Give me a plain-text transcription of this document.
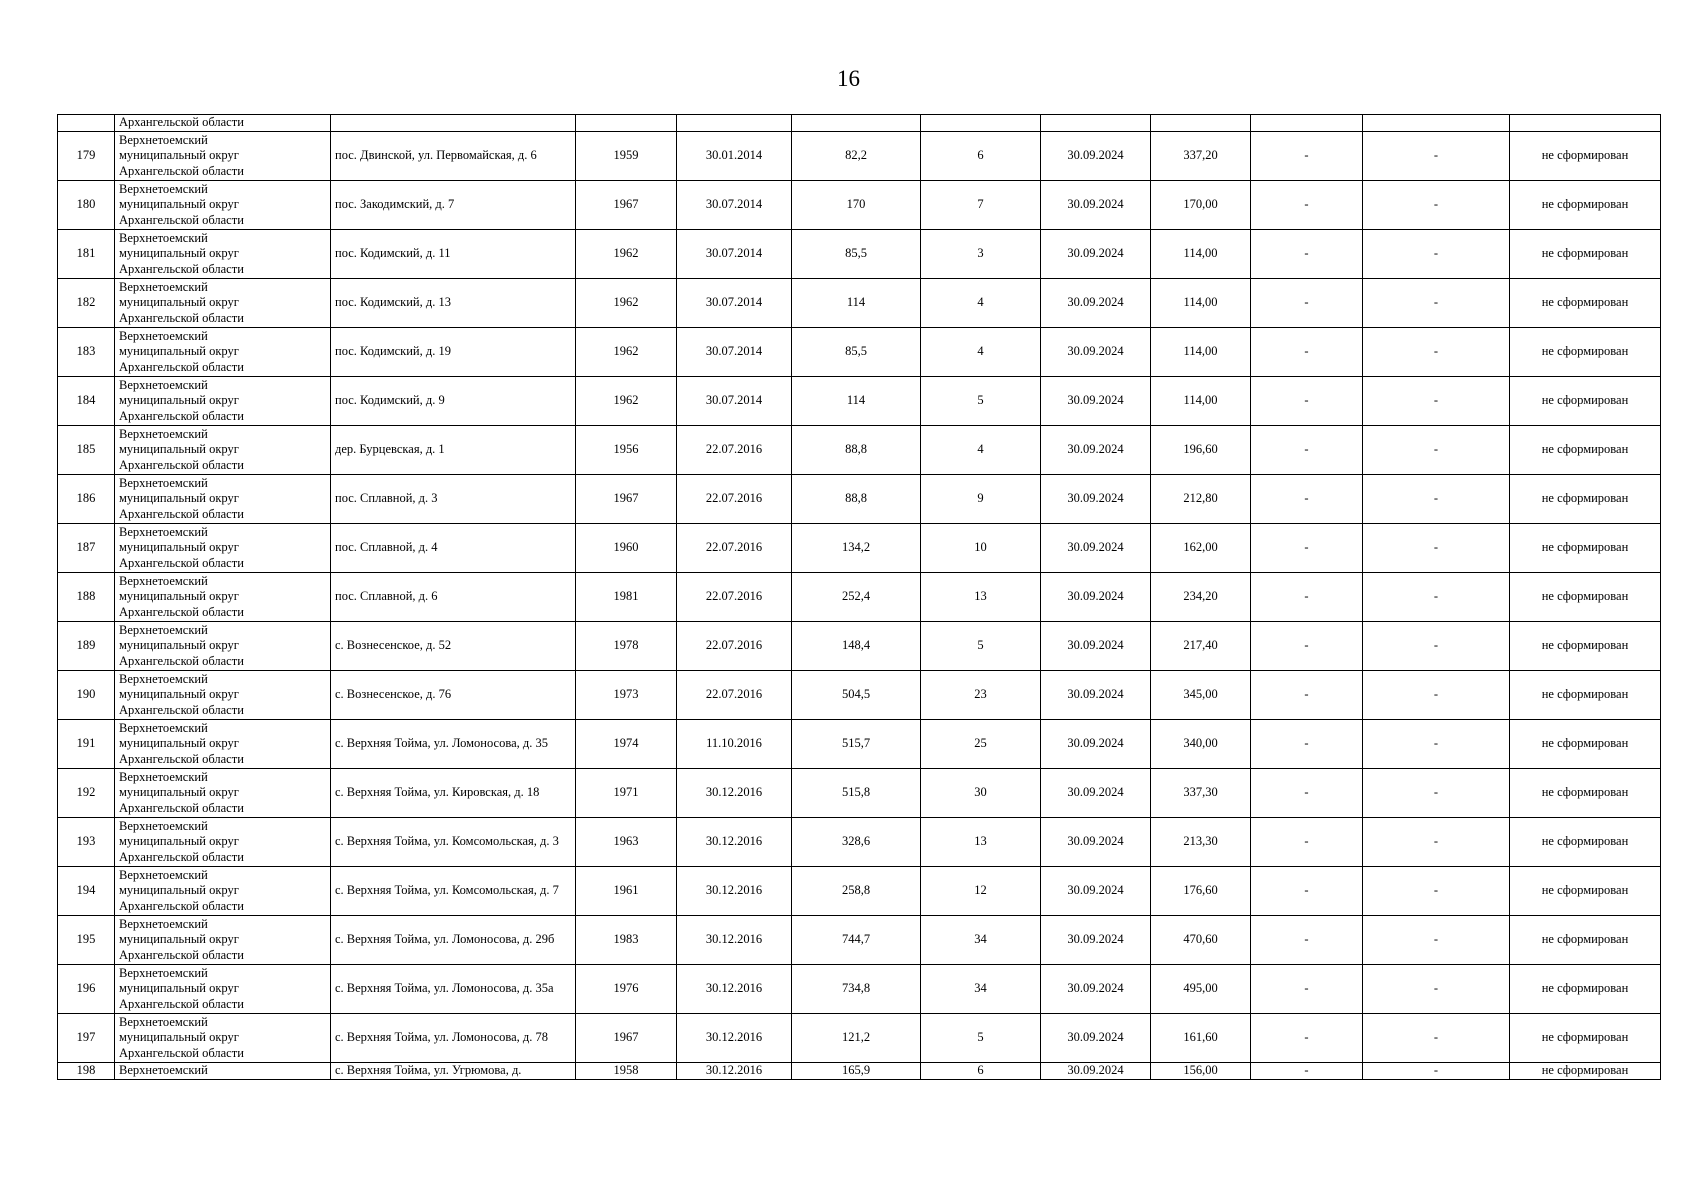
16
	Архангельской области										
179	Верхнетоемский
муниципальный округ
Архангельской области	пос. Двинской, ул. Первомайская, д. 6	1959	30.01.2014	82,2	6	30.09.2024	337,20	-	-	не сформирован
180	Верхнетоемский
муниципальный округ
Архангельской области	пос. Закодимский, д. 7	1967	30.07.2014	170	7	30.09.2024	170,00	-	-	не сформирован
181	Верхнетоемский
муниципальный округ
Архангельской области	пос. Кодимский, д. 11	1962	30.07.2014	85,5	3	30.09.2024	114,00	-	-	не сформирован
182	Верхнетоемский
муниципальный округ
Архангельской области	пос. Кодимский, д. 13	1962	30.07.2014	114	4	30.09.2024	114,00	-	-	не сформирован
183	Верхнетоемский
муниципальный округ
Архангельской области	пос. Кодимский, д. 19	1962	30.07.2014	85,5	4	30.09.2024	114,00	-	-	не сформирован
184	Верхнетоемский
муниципальный округ
Архангельской области	пос. Кодимский, д. 9	1962	30.07.2014	114	5	30.09.2024	114,00	-	-	не сформирован
185	Верхнетоемский
муниципальный округ
Архангельской области	дер. Бурцевская, д. 1	1956	22.07.2016	88,8	4	30.09.2024	196,60	-	-	не сформирован
186	Верхнетоемский
муниципальный округ
Архангельской области	пос. Сплавной, д. 3	1967	22.07.2016	88,8	9	30.09.2024	212,80	-	-	не сформирован
187	Верхнетоемский
муниципальный округ
Архангельской области	пос. Сплавной, д. 4	1960	22.07.2016	134,2	10	30.09.2024	162,00	-	-	не сформирован
188	Верхнетоемский
муниципальный округ
Архангельской области	пос. Сплавной, д. 6	1981	22.07.2016	252,4	13	30.09.2024	234,20	-	-	не сформирован
189	Верхнетоемский
муниципальный округ
Архангельской области	с. Вознесенское, д. 52	1978	22.07.2016	148,4	5	30.09.2024	217,40	-	-	не сформирован
190	Верхнетоемский
муниципальный округ
Архангельской области	с. Вознесенское, д. 76	1973	22.07.2016	504,5	23	30.09.2024	345,00	-	-	не сформирован
191	Верхнетоемский
муниципальный округ
Архангельской области	с. Верхняя Тойма, ул. Ломоносова, д. 35	1974	11.10.2016	515,7	25	30.09.2024	340,00	-	-	не сформирован
192	Верхнетоемский
муниципальный округ
Архангельской области	с. Верхняя Тойма, ул. Кировская, д. 18	1971	30.12.2016	515,8	30	30.09.2024	337,30	-	-	не сформирован
193	Верхнетоемский
муниципальный округ
Архангельской области	с. Верхняя Тойма, ул. Комсомольская, д. 3	1963	30.12.2016	328,6	13	30.09.2024	213,30	-	-	не сформирован
194	Верхнетоемский
муниципальный округ
Архангельской области	с. Верхняя Тойма, ул. Комсомольская, д. 7	1961	30.12.2016	258,8	12	30.09.2024	176,60	-	-	не сформирован
195	Верхнетоемский
муниципальный округ
Архангельской области	с. Верхняя Тойма, ул. Ломоносова, д. 29б	1983	30.12.2016	744,7	34	30.09.2024	470,60	-	-	не сформирован
196	Верхнетоемский
муниципальный округ
Архангельской области	с. Верхняя Тойма, ул. Ломоносова, д. 35а	1976	30.12.2016	734,8	34	30.09.2024	495,00	-	-	не сформирован
197	Верхнетоемский
муниципальный округ
Архангельской области	с. Верхняя Тойма, ул. Ломоносова, д. 78	1967	30.12.2016	121,2	5	30.09.2024	161,60	-	-	не сформирован
198	Верхнетоемский	с. Верхняя Тойма, ул. Угрюмова, д.	1958	30.12.2016	165,9	6	30.09.2024	156,00	-	-	не сформирован
